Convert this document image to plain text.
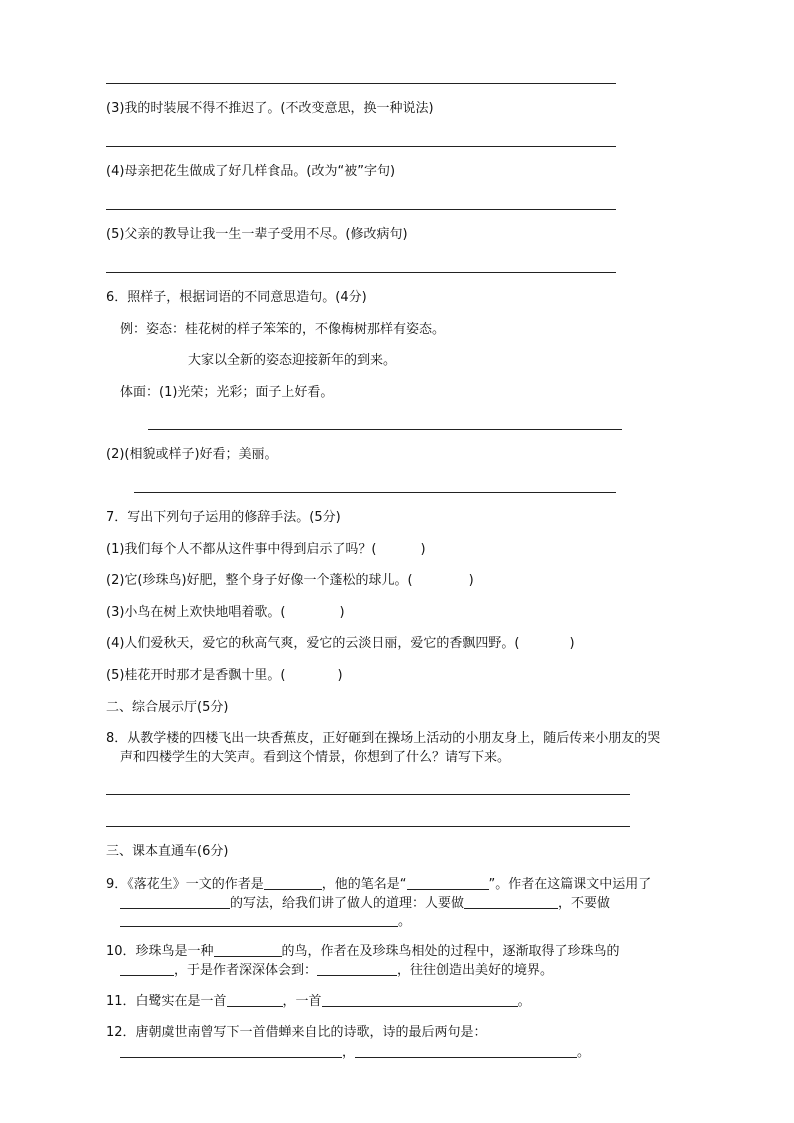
(3)我的时装展不得不推迟了。(不改变意思，换一种说法)
(4)母亲把花生做成了好几样食品。(改为“被”字句)
(5)父亲的教导让我一生一辈子受用不尽。(修改病句)
6．照样子，根据词语的不同意思造句。(4分)
例：姿态：桂花树的样子笨笨的，不像梅树那样有姿态。
大家以全新的姿态迎接新年的到来。
体面：(1)光荣；光彩；面子上好看。
(2)(相貌或样子)好看；美丽。
7．写出下列句子运用的修辞手法。(5分)
(1)我们每个人不都从这件事中得到启示了吗？(	)
(2)它(珍珠鸟)好肥，整个身子好像一个蓬松的球儿。(	)
(3)小鸟在树上欢快地唱着歌。(	)
(4)人们爱秋天，爱它的秋高气爽，爱它的云淡日丽，爱它的香飘四野。(	)
(5)桂花开时那才是香飘十里。(	)
二、综合展示厅(5分)
8．从教学楼的四楼飞出一块香蕉皮，正好砸到在操场上活动的小朋友身上，随后传来小朋友的哭
声和四楼学生的大笑声。看到这个情景，你想到了什么？请写下来。
三、课本直通车(6分)
9．《落花生》一文的作者是	，他的笔名是“	”。作者在这篇课文中运用了
的写法，给我们讲了做人的道理：人要做	，不要做
。
10．珍珠鸟是一种	的鸟，作者在及珍珠鸟相处的过程中，逐渐取得了珍珠鸟的
，于是作者深深体会到：	，往往创造出美好的境界。
11．白鹭实在是一首	，一首	。
12．唐朝虞世南曾写下一首借蝉来自比的诗歌，诗的最后两句是：
，	。
